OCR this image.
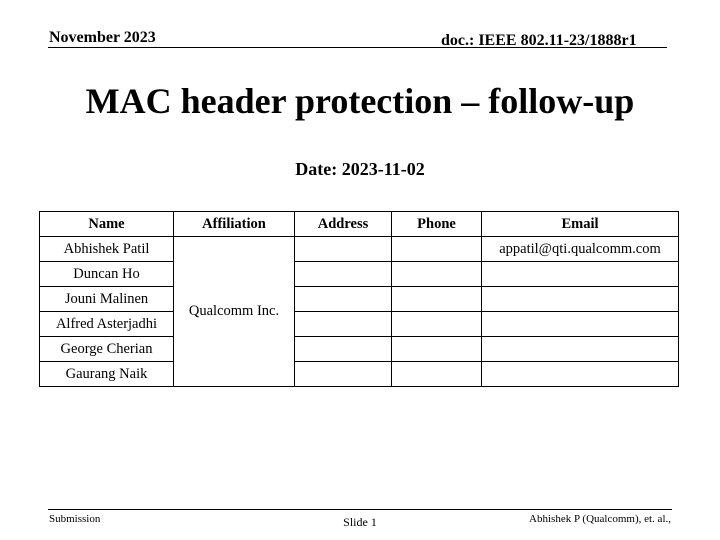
November 2023	doc.: IEEE 802.11-23/1888r1
MAC header protection – follow-up
Date: 2023-11-02
Name	Affiliation	Address	Phone	Email
Abhishek Patil	Qualcomm Inc.			appatil@qti.qualcomm.com
Duncan Ho				
Jouni Malinen				
Alfred Asterjadhi				
George Cherian				
Gaurang Naik				
Submission	Slide 1	Abhishek P (Qualcomm), et. al.,
